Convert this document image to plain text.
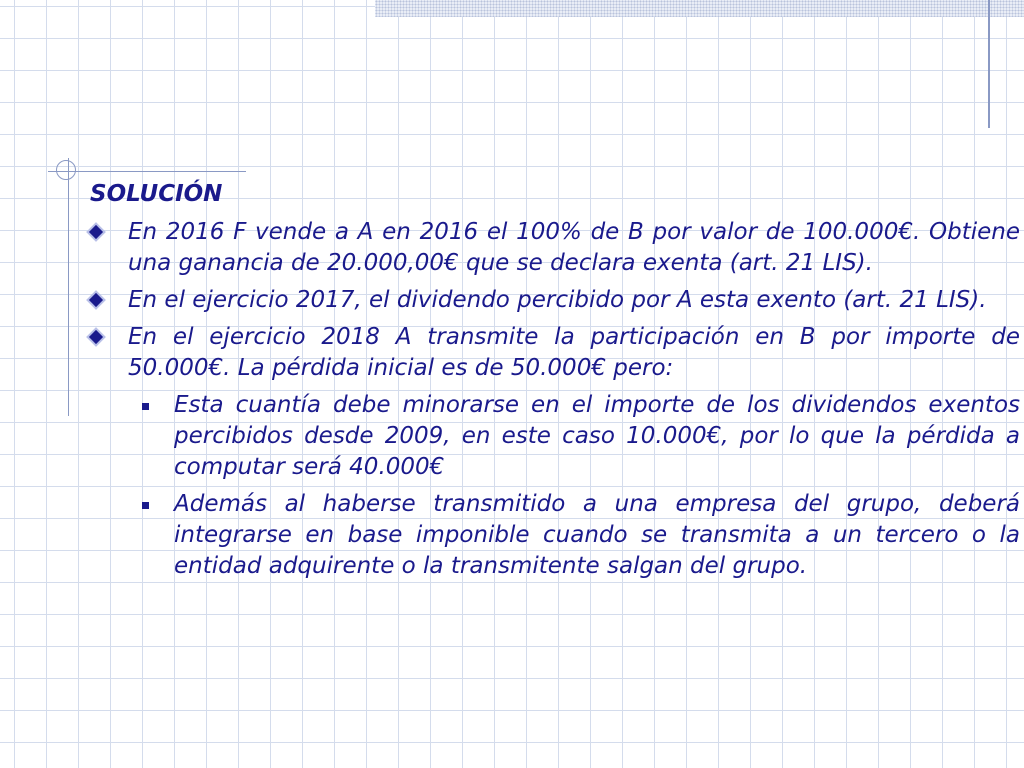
SOLUCIÓN
En 2016 F vende a A en 2016 el 100% de B por valor de 100.000€. Obtiene una ganancia de 20.000,00€ que se declara exenta (art. 21 LIS).
En el ejercicio 2017, el dividendo percibido por A esta exento (art. 21 LIS).
En el ejercicio 2018 A transmite la participación en B por importe de 50.000€. La pérdida inicial es de 50.000€ pero:
Esta cuantía debe minorarse en el importe de los dividendos exentos percibidos desde 2009, en este caso 10.000€, por lo que la pérdida a computar será 40.000€
Además al haberse transmitido a una empresa del grupo, deberá integrarse en base imponible cuando se transmita a un tercero o la entidad adquirente o la transmitente salgan del grupo.
